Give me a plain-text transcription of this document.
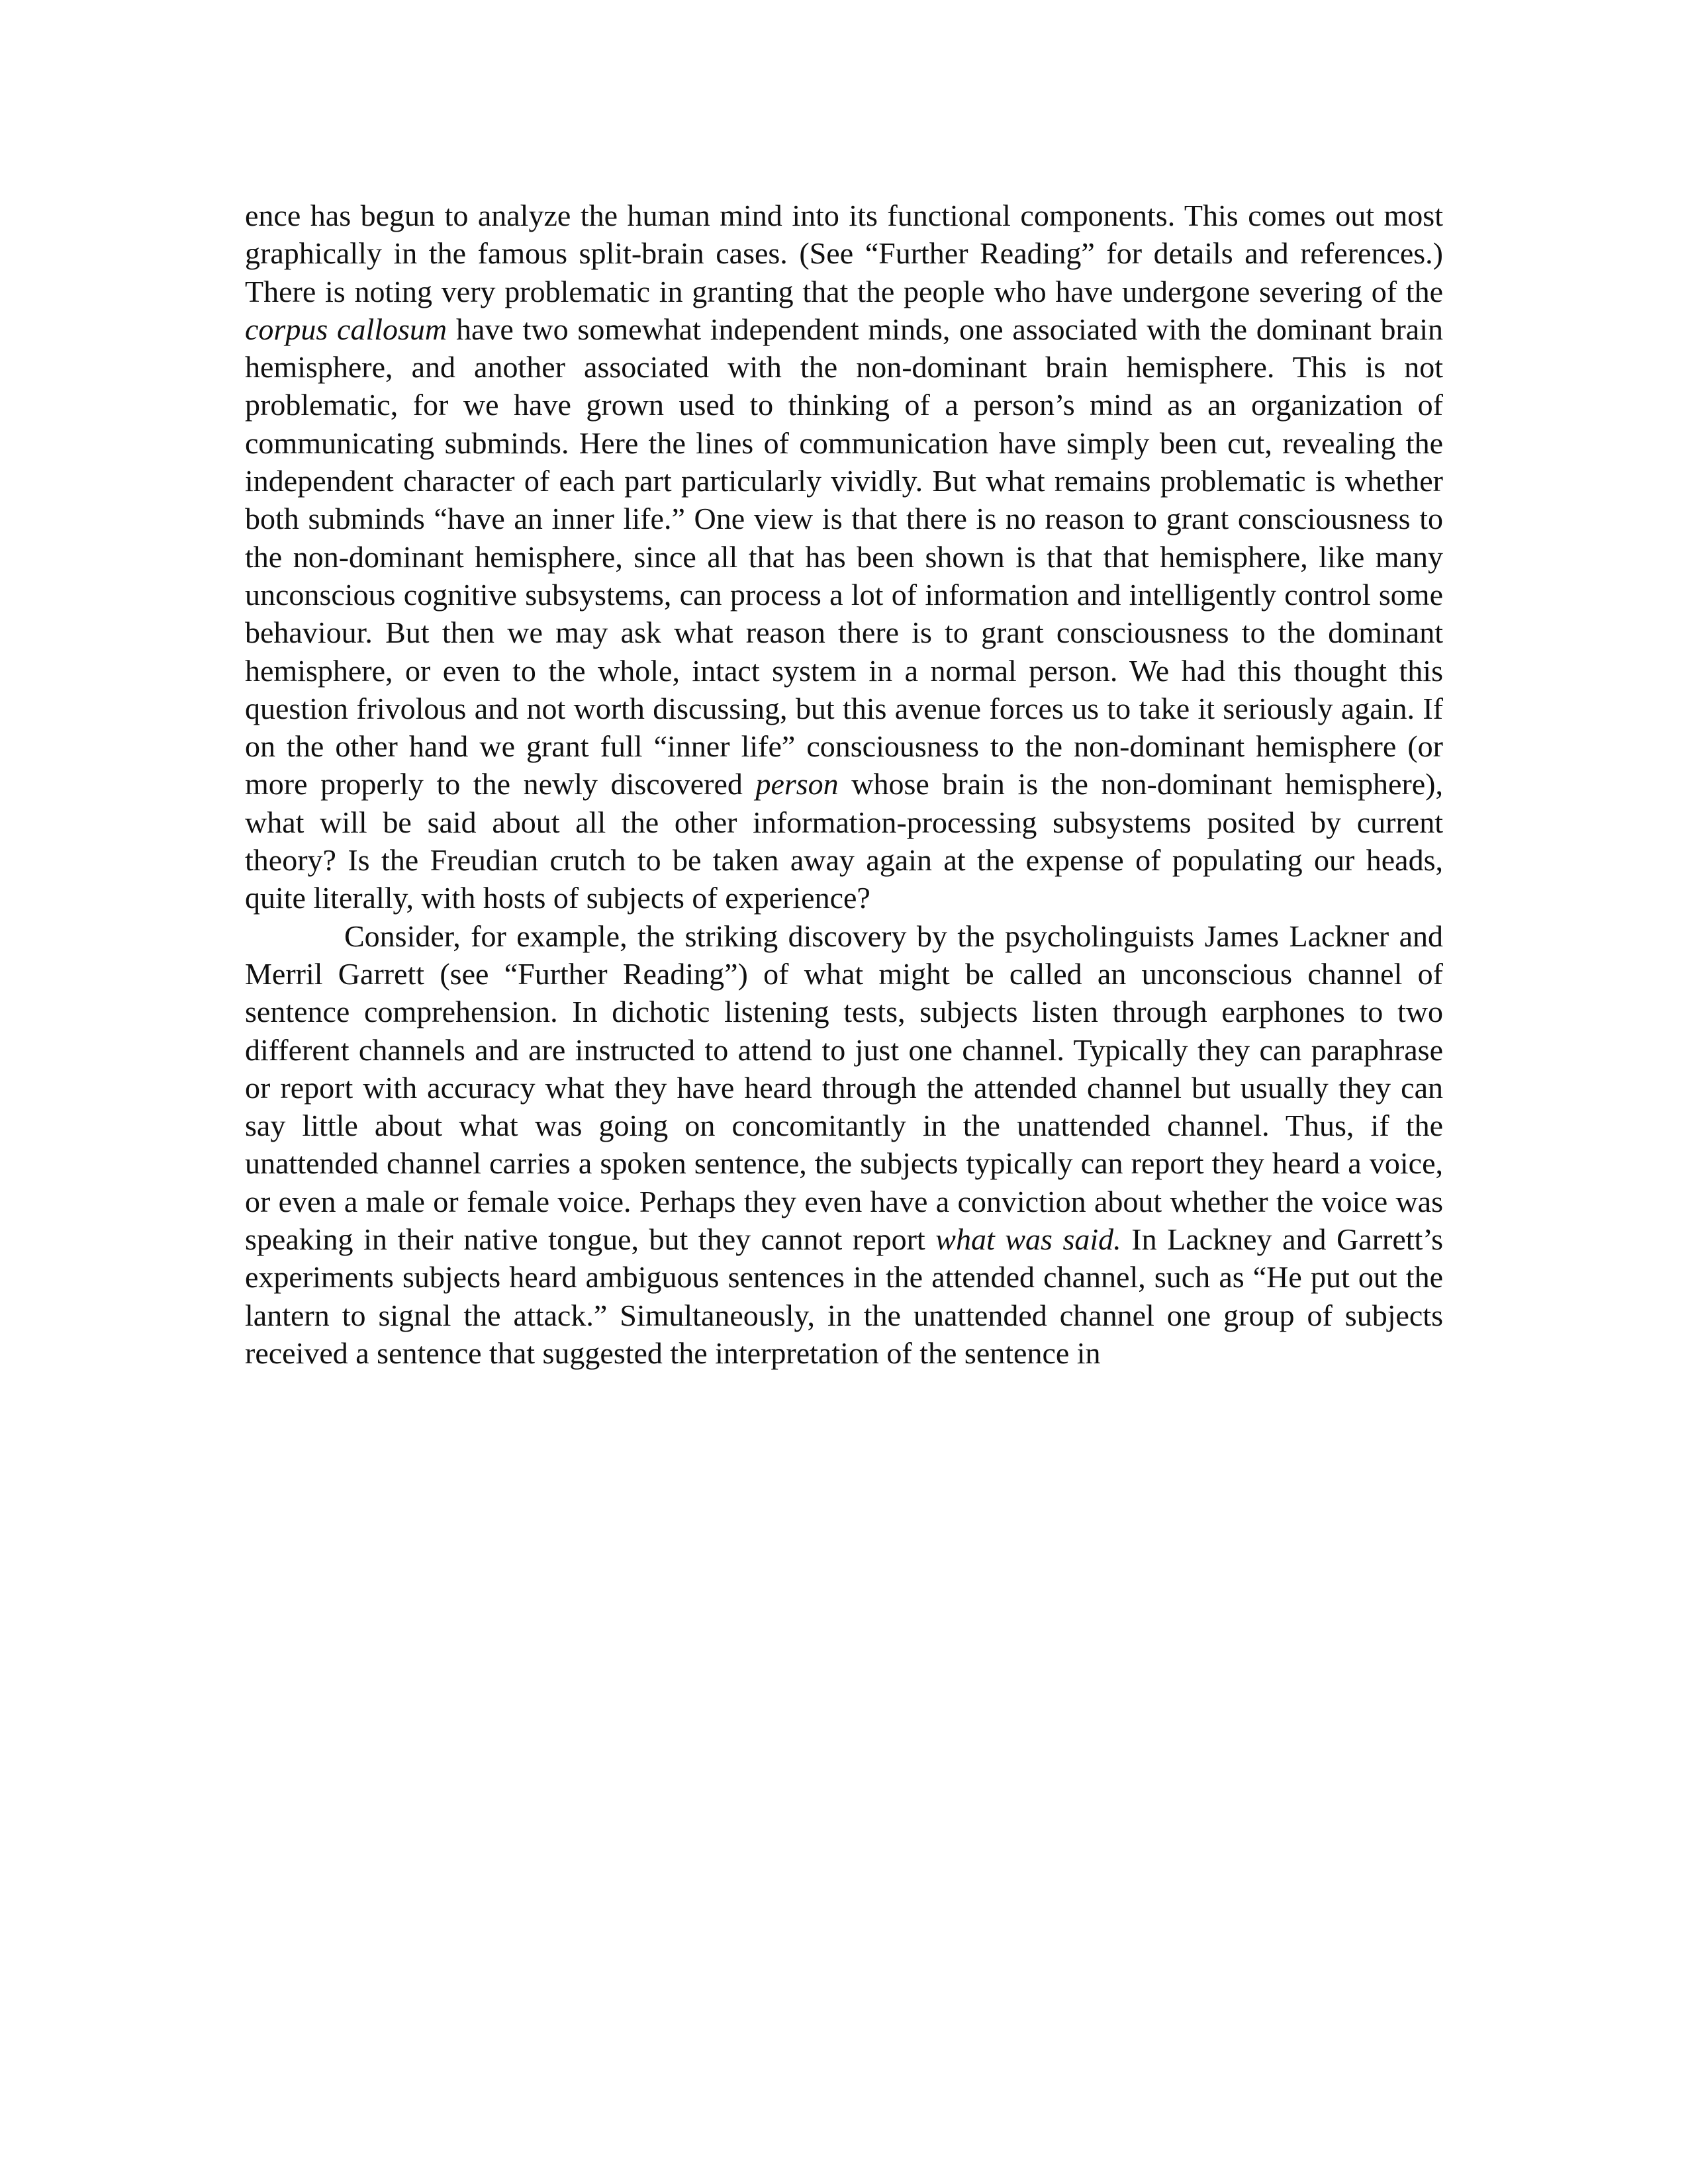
ence has begun to analyze the human mind into its functional components. This comes out most graphically in the famous split-brain cases. (See “Further Reading” for details and references.) There is noting very problematic in granting that the people who have undergone severing of the corpus callosum have two somewhat independent minds, one associated with the dominant brain hemisphere, and another associated with the non-dominant brain hemisphere. This is not problematic, for we have grown used to thinking of a person’s mind as an organization of communicating subminds. Here the lines of communication have simply been cut, revealing the independent character of each part particularly vividly. But what remains problematic is whether both subminds “have an inner life.” One view is that there is no reason to grant consciousness to the non-dominant hemisphere, since all that has been shown is that that hemisphere, like many unconscious cognitive subsystems, can process a lot of information and intelligently control some behaviour. But then we may ask what reason there is to grant consciousness to the dominant hemisphere, or even to the whole, intact system in a normal person. We had this thought this question frivolous and not worth discussing, but this avenue forces us to take it seriously again. If on the other hand we grant full “inner life” consciousness to the non-dominant hemisphere (or more properly to the newly discovered person whose brain is the non-dominant hemisphere), what will be said about all the other information-processing subsystems posited by current theory? Is the Freudian crutch to be taken away again at the expense of populating our heads, quite literally, with hosts of subjects of experience?

Consider, for example, the striking discovery by the psycholinguists James Lackner and Merril Garrett (see “Further Reading”) of what might be called an unconscious channel of sentence comprehension. In dichotic listening tests, subjects listen through earphones to two different channels and are instructed to attend to just one channel. Typically they can paraphrase or report with accuracy what they have heard through the attended channel but usually they can say little about what was going on concomitantly in the unattended channel. Thus, if the unattended channel carries a spoken sentence, the subjects typically can report they heard a voice, or even a male or female voice. Perhaps they even have a conviction about whether the voice was speaking in their native tongue, but they cannot report what was said. In Lackney and Garrett’s experiments subjects heard ambiguous sentences in the attended channel, such as “He put out the lantern to signal the attack.” Simultaneously, in the unattended channel one group of subjects received a sentence that suggested the interpretation of the sentence in
